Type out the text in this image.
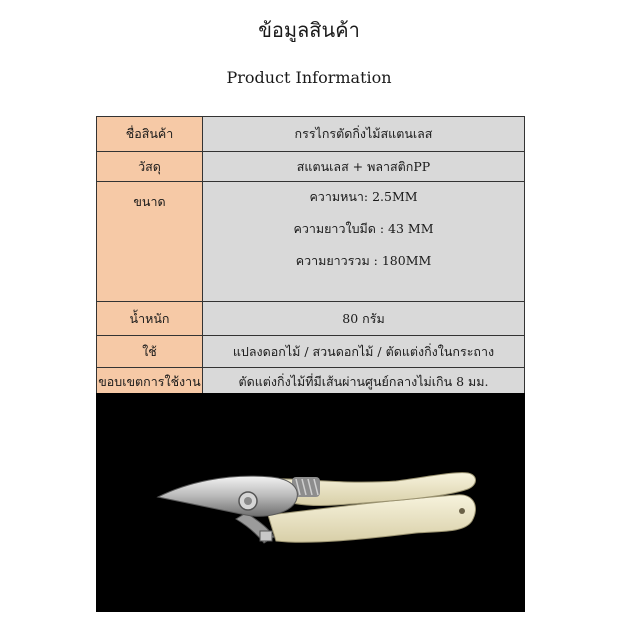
ข้อมูลสินค้า
Product Information
ชื่อสินค้า	กรรไกรตัดกิ่งไม้สแตนเลส
วัสดุ	สแตนเลส + พลาสติกPP
ขนาด	ความหนา: 2.5MM
ความยาวใบมีด : 43 MM
ความยาวรวม : 180MM

น้ำหนัก	80 กรัม
ใช้	แปลงดอกไม้ / สวนดอกไม้ / ตัดแต่งกิ่งในกระถาง
ขอบเขตการใช้งาน	ตัดแต่งกิ่งไม้ที่มีเส้นผ่านศูนย์กลางไม่เกิน 8 มม.
